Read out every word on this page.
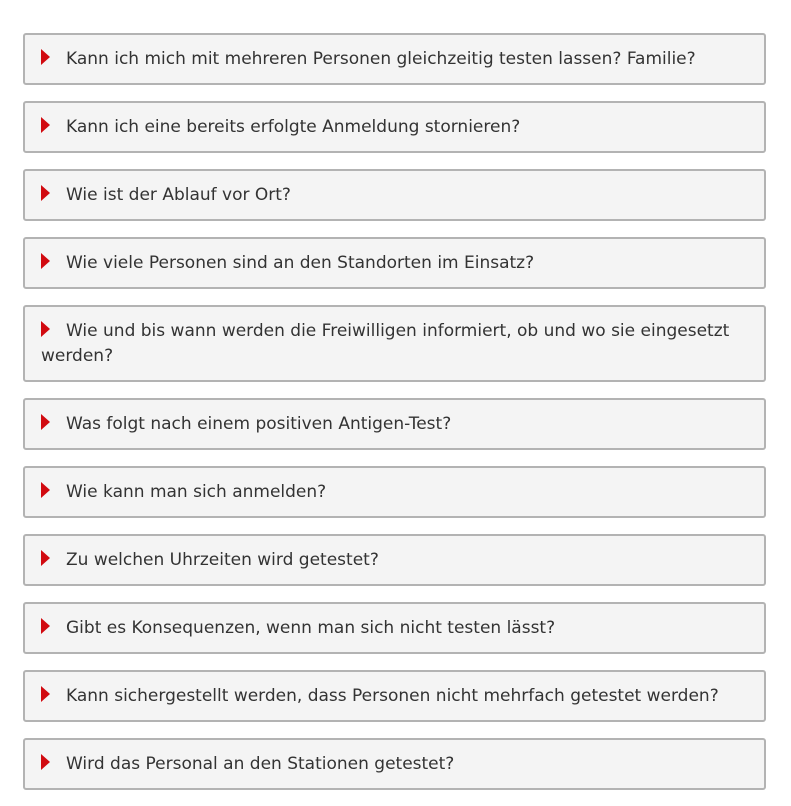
Kann ich mich mit mehreren Personen gleichzeitig testen lassen? Familie?
Kann ich eine bereits erfolgte Anmeldung stornieren?
Wie ist der Ablauf vor Ort?
Wie viele Personen sind an den Standorten im Einsatz?
Wie und bis wann werden die Freiwilligen informiert, ob und wo sie eingesetzt werden?
Was folgt nach einem positiven Antigen-Test?
Wie kann man sich anmelden?
Zu welchen Uhrzeiten wird getestet?
Gibt es Konsequenzen, wenn man sich nicht testen lässt?
Kann sichergestellt werden, dass Personen nicht mehrfach getestet werden?
Wird das Personal an den Stationen getestet?
